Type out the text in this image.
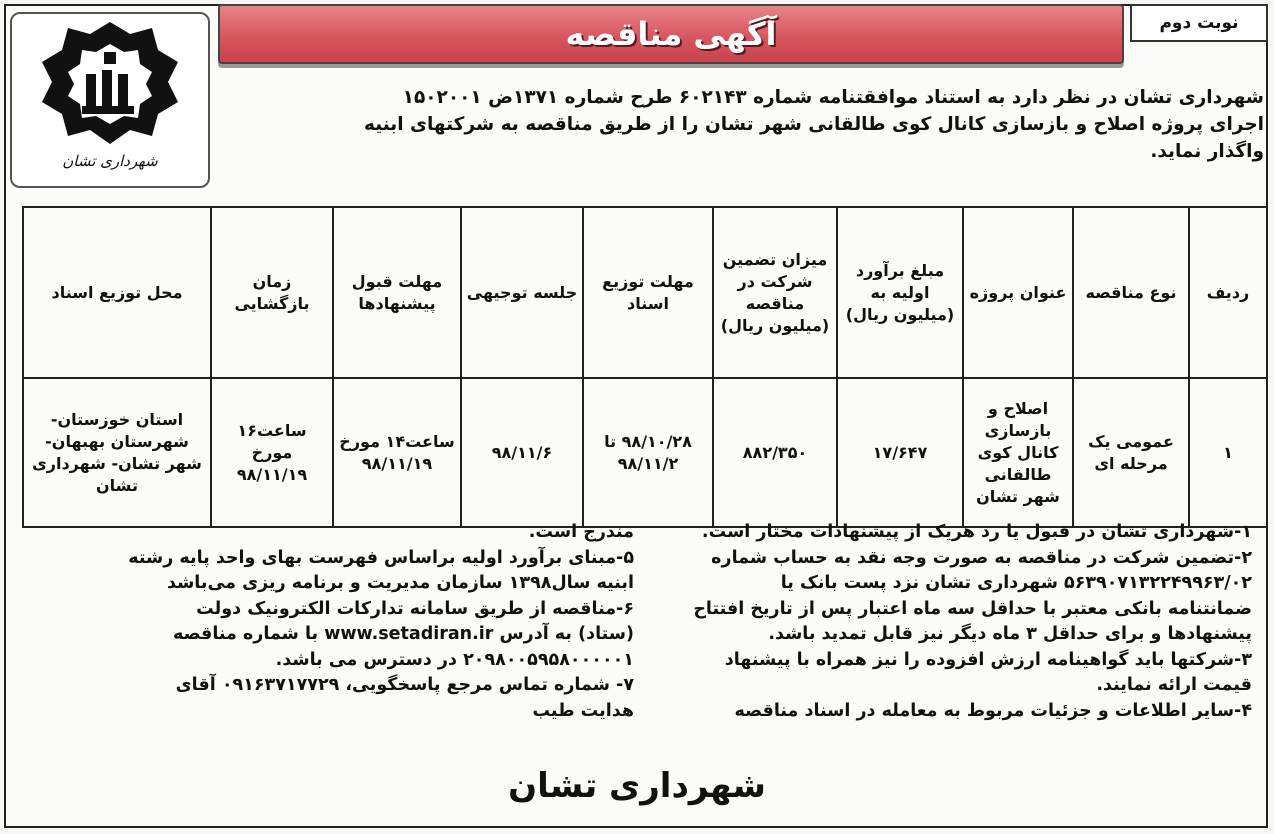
نوبت دوم
آگهی مناقصه
شهرداری تشان

شهرداری تشان در نظر دارد به استناد موافقتنامه شماره ۶۰۲۱۴۳ طرح شماره ۱۳۷۱ض ۱۵۰۲۰۰۱

اجرای پروژه اصلاح و بازسازی کانال کوی طالقانی شهر تشان را از طریق مناقصه به شرکتهای ابنیه

واگذار نماید.

ردیف	نوع مناقصه	عنوان پروژه	مبلغ برآورد اولیه به (میلیون ریال)	میزان تضمین شرکت در مناقصه (میلیون ریال)	مهلت توزیع اسناد	جلسه توجیهی	مهلت قبول پیشنهادها	زمان بازگشایی	محل توزیع اسناد
۱	عمومی یک مرحله ای	اصلاح و بازسازی کانال کوی طالقانی شهر تشان	۱۷/۶۴۷	۸۸۲/۳۵۰	۹۸/۱۰/۲۸ تا ۹۸/۱۱/۲	۹۸/۱۱/۶	ساعت۱۴ مورخ ۹۸/۱۱/۱۹	ساعت۱۶ مورخ ۹۸/۱۱/۱۹	استان خوزستان- شهرستان بهبهان- شهر تشان- شهرداری تشان

۱-شهرداری تشان در قبول یا رد هریک از پیشنهادات مختار است.

۲-تضمین شرکت در مناقصه به صورت وجه نقد به حساب شماره

۵۶۳۹۰۷۱۳۲۲۴۹۹۶۳/۰۲ شهرداری تشان نزد پست بانک یا

ضمانتنامه بانکی معتبر با حداقل سه ماه اعتبار پس از تاریخ افتتاح

پیشنهادها و برای حداقل ۳ ماه دیگر نیز قابل تمدید باشد.

۳-شرکتها باید گواهینامه ارزش افزوده را نیز همراه با پیشنهاد

قیمت ارائه نمایند.

۴-سایر اطلاعات و جزئیات مربوط به معامله در اسناد مناقصه

مندرج است.

۵-مبنای برآورد اولیه براساس فهرست بهای واحد پایه رشته

ابنیه سال۱۳۹۸ سازمان مدیریت و برنامه ریزی می‌باشد

۶-مناقصه از طریق سامانه تدارکات الکترونیک دولت

(ستاد) به آدرس www.setadiran.ir با شماره مناقصه

۲۰۹۸۰۰۵۹۵۸۰۰۰۰۰۱ در دسترس می باشد.

۷- شماره تماس مرجع پاسخگویی، ۰۹۱۶۳۷۱۷۷۲۹ آقای

هدایت طیب

شهرداری تشان
